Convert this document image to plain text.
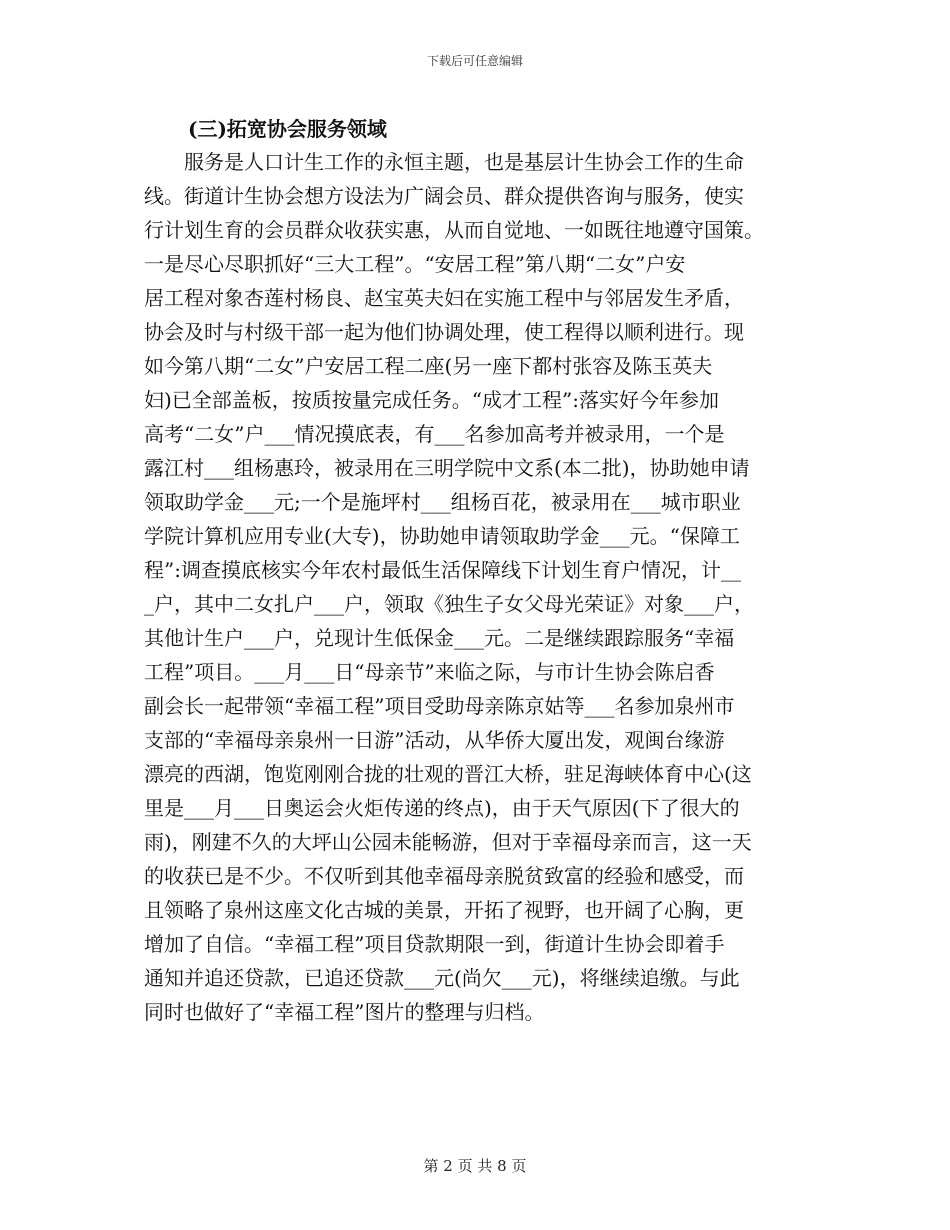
下载后可任意编辑
(三)拓宽协会服务领域
　　服务是人口计生工作的永恒主题，也是基层计生协会工作的生命
线。街道计生协会想方设法为广阔会员、群众提供咨询与服务，使实
行计划生育的会员群众收获实惠，从而自觉地、一如既往地遵守国策。
一是尽心尽职抓好“三大工程”。“安居工程”第八期“二女”户安
居工程对象杏莲村杨良、赵宝英夫妇在实施工程中与邻居发生矛盾，
协会及时与村级干部一起为他们协调处理，使工程得以顺利进行。现
如今第八期“二女”户安居工程二座(另一座下都村张容及陈玉英夫
妇)已全部盖板，按质按量完成任务。“成才工程”:落实好今年参加
高考“二女”户___情况摸底表，有___名参加高考并被录用，一个是
露江村___组杨惠玲，被录用在三明学院中文系(本二批)，协助她申请
领取助学金___元;一个是施坪村___组杨百花，被录用在___城市职业
学院计算机应用专业(大专)，协助她申请领取助学金___元。“保障工
程”:调查摸底核实今年农村最低生活保障线下计划生育户情况，计__
_户，其中二女扎户___户，领取《独生子女父母光荣证》对象___户，
其他计生户___户，兑现计生低保金___元。二是继续跟踪服务“幸福
工程”项目。___月___日“母亲节”来临之际，与市计生协会陈启香
副会长一起带领“幸福工程”项目受助母亲陈京姑等___名参加泉州市
支部的“幸福母亲泉州一日游”活动，从华侨大厦出发，观闽台缘游
漂亮的西湖，饱览刚刚合拢的壮观的晋江大桥，驻足海峡体育中心(这
里是___月___日奥运会火炬传递的终点)，由于天气原因(下了很大的
雨)，刚建不久的大坪山公园未能畅游，但对于幸福母亲而言，这一天
的收获已是不少。不仅听到其他幸福母亲脱贫致富的经验和感受，而
且领略了泉州这座文化古城的美景，开拓了视野，也开阔了心胸，更
增加了自信。“幸福工程”项目贷款期限一到，街道计生协会即着手
通知并追还贷款，已追还贷款___元(尚欠___元)，将继续追缴。与此
同时也做好了“幸福工程”图片的整理与归档。
第 2 页 共 8 页
